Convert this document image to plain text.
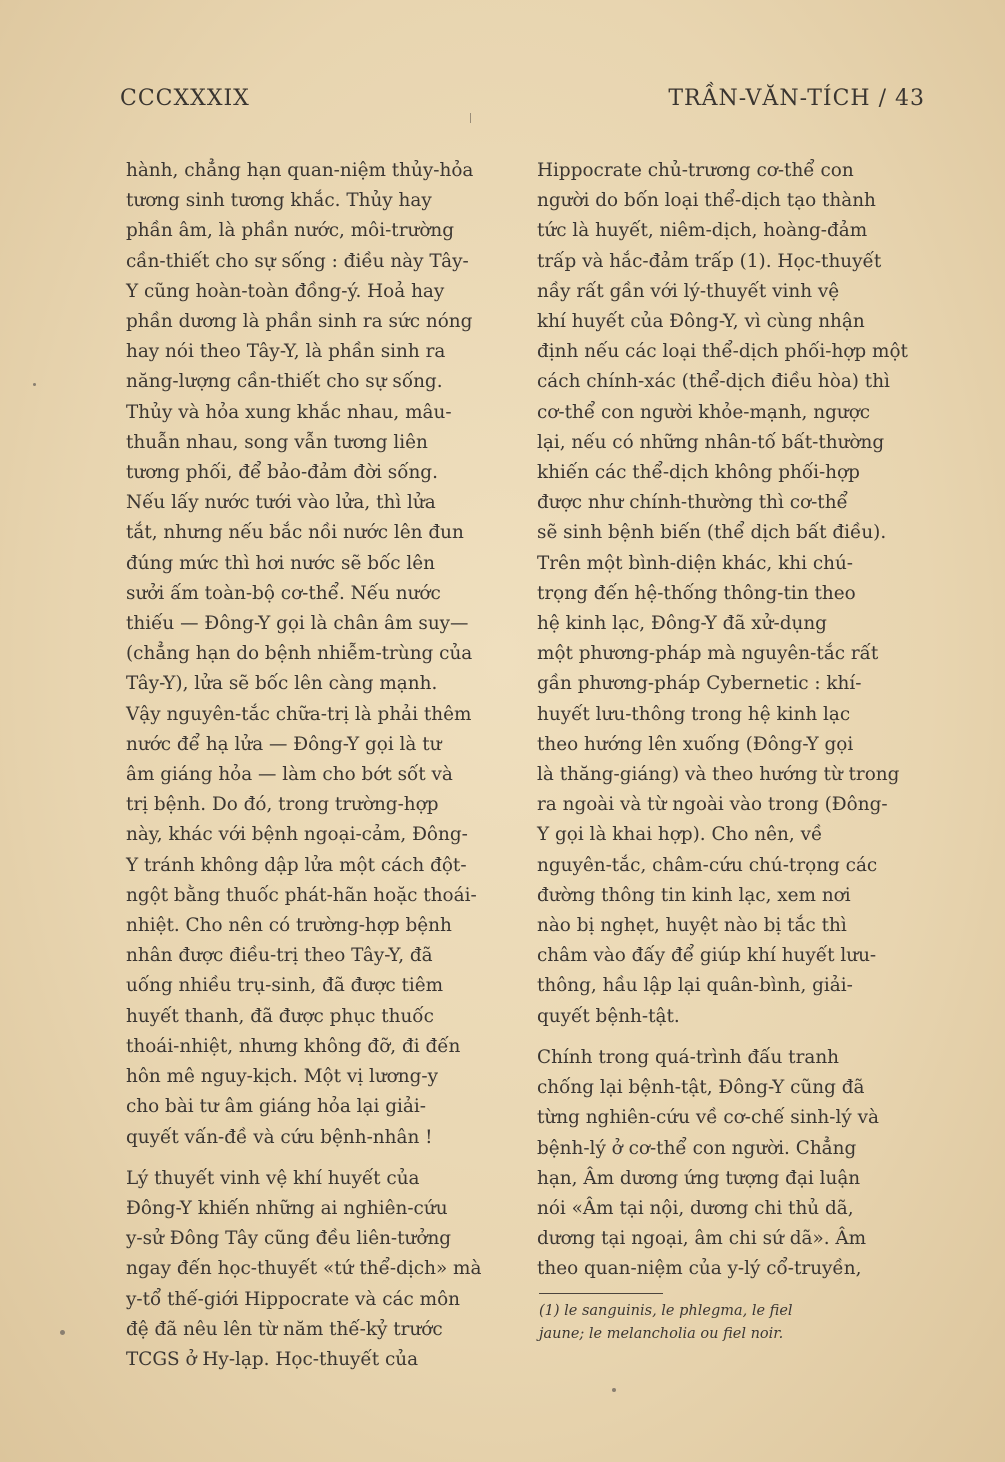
CCCXXXIX	TRẦN-VĂN-TÍCH / 43
hành, chẳng hạn quan-niệm thủy-hỏa
tương sinh tương khắc. Thủy hay
phần âm, là phần nước, môi-trường
cần-thiết cho sự sống : điều này Tây-
Y cũng hoàn-toàn đồng-ý. Hoả hay
phần dương là phần sinh ra sức nóng
hay nói theo Tây-Y, là phần sinh ra
năng-lượng cần-thiết cho sự sống.
Thủy và hỏa xung khắc nhau, mâu-
thuẫn nhau, song vẫn tương liên
tương phối, để bảo-đảm đời sống.
Nếu lấy nước tưới vào lửa, thì lửa
tắt, nhưng nếu bắc nồi nước lên đun
đúng mức thì hơi nước sẽ bốc lên
sưởi ấm toàn-bộ cơ-thể. Nếu nước
thiếu — Đông-Y gọi là chân âm suy—
(chẳng hạn do bệnh nhiễm-trùng của
Tây-Y), lửa sẽ bốc lên càng mạnh.
Vậy nguyên-tắc chữa-trị là phải thêm
nước để hạ lửa — Đông-Y gọi là tư
âm giáng hỏa — làm cho bớt sốt và
trị bệnh. Do đó, trong trường-hợp
này, khác với bệnh ngoại-cảm, Đông-
Y tránh không dập lửa một cách đột-
ngột bằng thuốc phát-hãn hoặc thoái-
nhiệt. Cho nên có trường-hợp bệnh
nhân được điều-trị theo Tây-Y, đã
uống nhiều trụ-sinh, đã được tiêm
huyết thanh, đã được phục thuốc
thoái-nhiệt, nhưng không đỡ, đi đến
hôn mê nguy-kịch. Một vị lương-y
cho bài tư âm giáng hỏa lại giải-
quyết vấn-đề và cứu bệnh-nhân !
Lý thuyết vinh vệ khí huyết của
Đông-Y khiến những ai nghiên-cứu
y-sử Đông Tây cũng đều liên-tưởng
ngay đến học-thuyết «tứ thể-dịch» mà
y-tổ thế-giới Hippocrate và các môn
đệ đã nêu lên từ năm thế-kỷ trước
TCGS ở Hy-lạp. Học-thuyết của
Hippocrate chủ-trương cơ-thể con
người do bốn loại thể-dịch tạo thành
tức là huyết, niêm-dịch, hoàng-đảm
trấp và hắc-đảm trấp (1). Học-thuyết
nầy rất gần với lý-thuyết vinh vệ
khí huyết của Đông-Y, vì cùng nhận
định nếu các loại thể-dịch phối-hợp một
cách chính-xác (thể-dịch điều hòa) thì
cơ-thể con người khỏe-mạnh, ngược
lại, nếu có những nhân-tố bất-thường
khiến các thể-dịch không phối-hợp
được như chính-thường thì cơ-thể
sẽ sinh bệnh biến (thể dịch bất điều).
Trên một bình-diện khác, khi chú-
trọng đến hệ-thống thông-tin theo
hệ kinh lạc, Đông-Y đã xử-dụng
một phương-pháp mà nguyên-tắc rất
gần phương-pháp Cybernetic : khí-
huyết lưu-thông trong hệ kinh lạc
theo hướng lên xuống (Đông-Y gọi
là thăng-giáng) và theo hướng từ trong
ra ngoài và từ ngoài vào trong (Đông-
Y gọi là khai hợp). Cho nên, về
nguyên-tắc, châm-cứu chú-trọng các
đường thông tin kinh lạc, xem nơi
nào bị nghẹt, huyệt nào bị tắc thì
châm vào đấy để giúp khí huyết lưu-
thông, hầu lập lại quân-bình, giải-
quyết bệnh-tật.
Chính trong quá-trình đấu tranh
chống lại bệnh-tật, Đông-Y cũng đã
từng nghiên-cứu về cơ-chế sinh-lý và
bệnh-lý ở cơ-thể con người. Chẳng
hạn, Âm dương ứng tượng đại luận
nói «Âm tại nội, dương chi thủ dã,
dương tại ngoại, âm chi sứ dã». Âm
theo quan-niệm của y-lý cổ-truyền,
(1) le sanguinis, le phlegma, le fiel
jaune; le melancholia ou fiel noir.
